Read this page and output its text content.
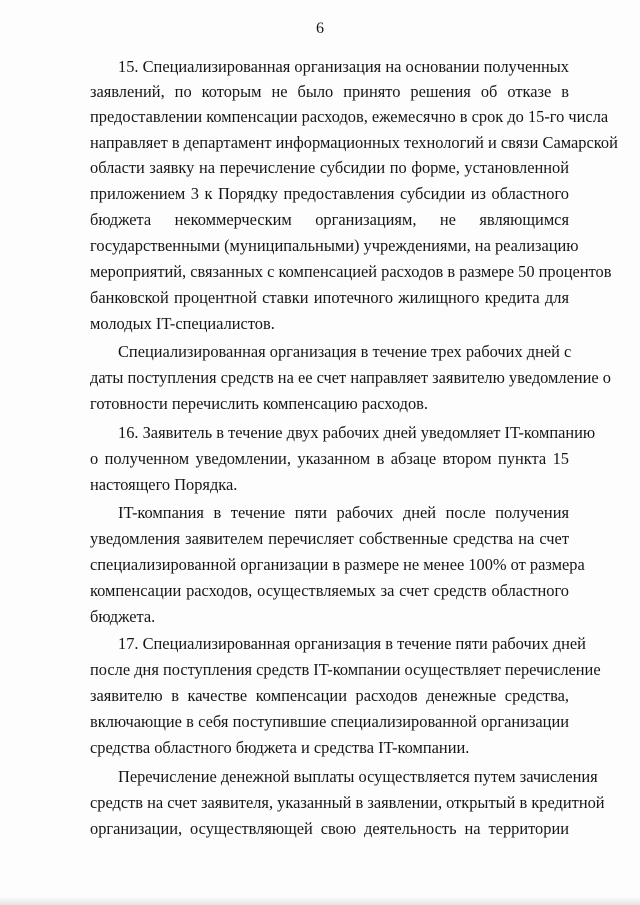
6
15. Специализированная организация на основании полученных
заявлений, по которым не было принято решения об отказе в
предоставлении компенсации расходов, ежемесячно в срок до 15-го числа
направляет в департамент информационных технологий и связи Самарской
области заявку на перечисление субсидии по форме, установленной
приложением 3 к Порядку предоставления субсидии из областного
бюджета некоммерческим организациям, не являющимся
государственными (муниципальными) учреждениями, на реализацию
мероприятий, связанных с компенсацией расходов в размере 50 процентов
банковской процентной ставки ипотечного жилищного кредита для
молодых IT-специалистов.
Специализированная организация в течение трех рабочих дней с
даты поступления средств на ее счет направляет заявителю уведомление о
готовности перечислить компенсацию расходов.
16. Заявитель в течение двух рабочих дней уведомляет IT-компанию
о полученном уведомлении, указанном в абзаце втором пункта 15
настоящего Порядка.
IT-компания в течение пяти рабочих дней после получения
уведомления заявителем перечисляет собственные средства на счет
специализированной организации в размере не менее 100% от размера
компенсации расходов, осуществляемых за счет средств областного
бюджета.
17. Специализированная организация в течение пяти рабочих дней
после дня поступления средств IT-компании осуществляет перечисление
заявителю в качестве компенсации расходов денежные средства,
включающие в себя поступившие специализированной организации
средства областного бюджета и средства IT-компании.
Перечисление денежной выплаты осуществляется путем зачисления
средств на счет заявителя, указанный в заявлении, открытый в кредитной
организации, осуществляющей свою деятельность на территории
